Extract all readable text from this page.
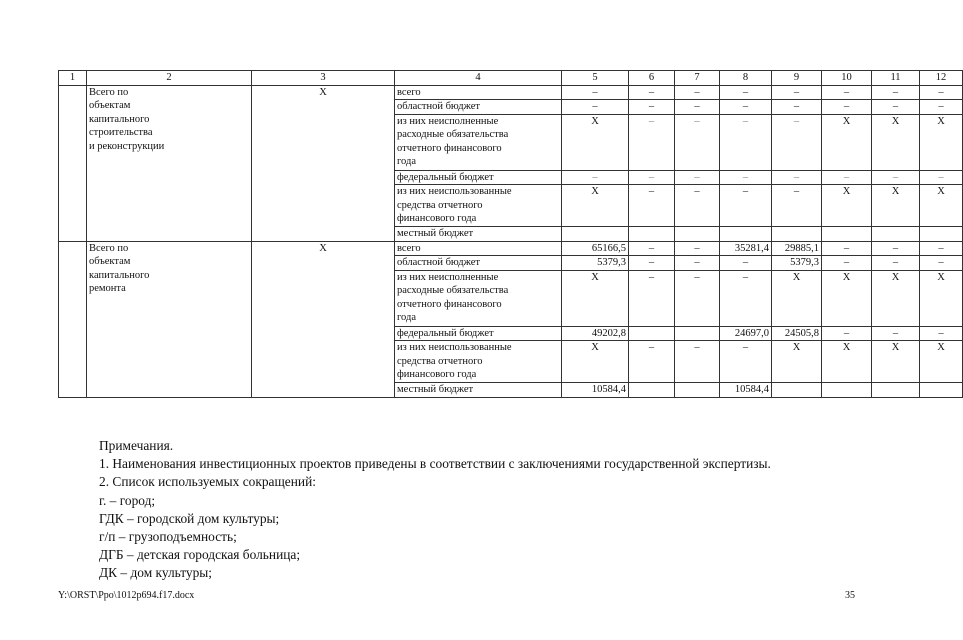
1	2	3	4	5	6	7	8	9	10	11	12

	Всего по
объектам
капитального
строительства
и реконструкции	Х	всего	–	–	–	–	–	–	–	–

			областной бюджет	–	–	–	–	–	–	–	–

			из них неисполненные
расходные обязательства
отчетного финансового
года	Х	–	–	–	–	Х	Х	Х

			федеральный бюджет	–	–	–	–	–	–	–	–

			из них неиспользованные
средства отчетного
финансового года	Х	–	–	–	–	Х	Х	Х

			местный бюджет								

	Всего по
объектам
капитального
ремонта	Х	всего	65166,5	–	–	35281,4	29885,1	–	–	–

			областной бюджет	5379,3	–	–	–	5379,3	–	–	–

			из них неисполненные
расходные обязательства
отчетного финансового
года	Х	–	–	–	Х	Х	Х	Х

			федеральный бюджет	49202,8			24697,0	24505,8	–	–	–

			из них неиспользованные
средства отчетного
финансового года	Х	–	–	–	Х	Х	Х	Х

			местный бюджет	10584,4			10584,4				
Примечания.
1. Наименования инвестиционных проектов приведены в соответствии с заключениями государственной экспертизы.
2. Список используемых сокращений:
г. – город;
ГДК – городской дом культуры;
г/п – грузоподъемность;
ДГБ – детская городская больница;
ДК – дом культуры;
Y:\ORST\Ppo\1012p694.f17.docx	35
